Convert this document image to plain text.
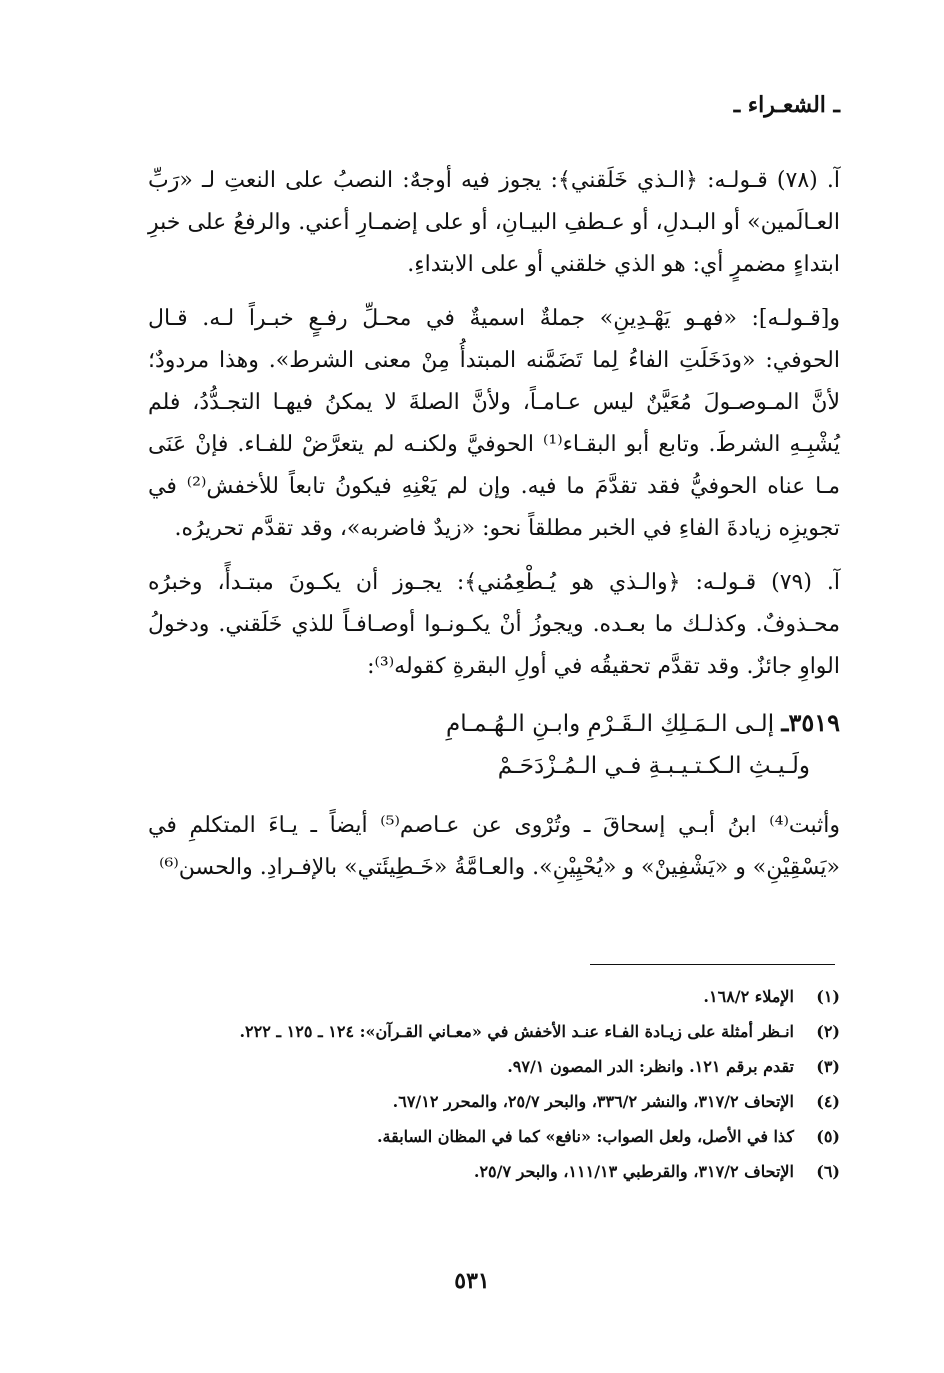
ـ الشعـراء ـ

آ. (٧٨) قـولـه: ﴿الـذي خَلَقني﴾: يجوز فيه أوجهٌ: النصبُ على النعتِ لـ «رَبِّ العـالَمين» أو البـدلِ، أو عـطفِ البيـانِ، أو على إضمـارِ أعني. والرفعُ على خبرِ ابتداءٍ مضمرٍ أي: هو الذي خلقني أو على الابتداءِ.

و[قـولـه]: «فهـو يَهْـدِينِ» جملةٌ اسميةٌ في محـلِّ رفـعٍ خبـراً لـه. قـال الحوفي: «ودَخَلَتِ الفاءُ لِما تَضَمَّنه المبتدأُ مِنْ معنى الشرط». وهذا مردودٌ؛ لأنَّ المـوصـولَ مُعَيَّنٌ ليس عـامـاً، ولأنَّ الصلةَ لا يمكنُ فيهـا التجـدُّدُ، فلم يُشْبِـهِ الشرطَ. وتابع أبو البقـاء⁽¹⁾ الحوفيَّ ولكنـه لم يتعرَّضْ للفـاء. فإنْ عَنَى مـا عناه الحوفيُّ فقد تقدَّمَ ما فيه. وإن لم يَعْنِهِ فيكونُ تابعاً للأخفش⁽²⁾ في تجويزِه زيادةَ الفاءِ في الخبر مطلقاً نحو: «زيدٌ فاضربه»، وقد تقدَّم تحريرُه.

آ. (٧٩) قـولـه: ﴿والـذي هو يُـطْعِمُني﴾: يجـوز أن يكـونَ مبتـدأً، وخبرُه محـذوفٌ. وكذلـك ما بعـده. ويجوزُ أنْ يكـونـوا أوصـافـاً للذي خَلَقني. ودخولُ الواوِ جائزٌ. وقد تقدَّم تحقيقُه في أولِ البقرةِ كقوله⁽³⁾:

٣٥١٩ـ إلـى الـمَـلِكِ الـقَـرْمِ وابـنِ الـهُـمـامِ
ولَـيـثِ الـكـتـيـبـةِ فـي الـمُـزْدَحَـمْ

وأثبت⁽⁴⁾ ابنُ أبـي إسحاقَ ـ وتُرْوى عن عـاصم⁽⁵⁾ أيضاً ـ يـاءَ المتكلمِ في «يَسْقِيْنِ» و «يَشْفِينْ» و «يُحْيِيْنِ». والعـامَّةُ «خَـطِيئَتي» بالإفـرادِ. والحسن⁽⁶⁾

(١)
الإملاء ١٦٨/٢.
(٢)
انـظر أمثلة على زيـادة الفـاء عنـد الأخفش في «معـاني القـرآن»: ١٢٤ ـ ١٢٥ ـ ٢٢٢.
(٣)
تقدم برقم ١٢١. وانظر: الدر المصون ٩٧/١.
(٤)
الإتحاف ٣١٧/٢، والنشر ٣٣٦/٢، والبحر ٢٥/٧، والمحرر ٦٧/١٢.
(٥)
كذا في الأصل، ولعل الصواب: «نافع» كما في المظان السابقة.
(٦)
الإتحاف ٣١٧/٢، والقرطبي ١١١/١٣، والبحر ٢٥/٧.
٥٣١
